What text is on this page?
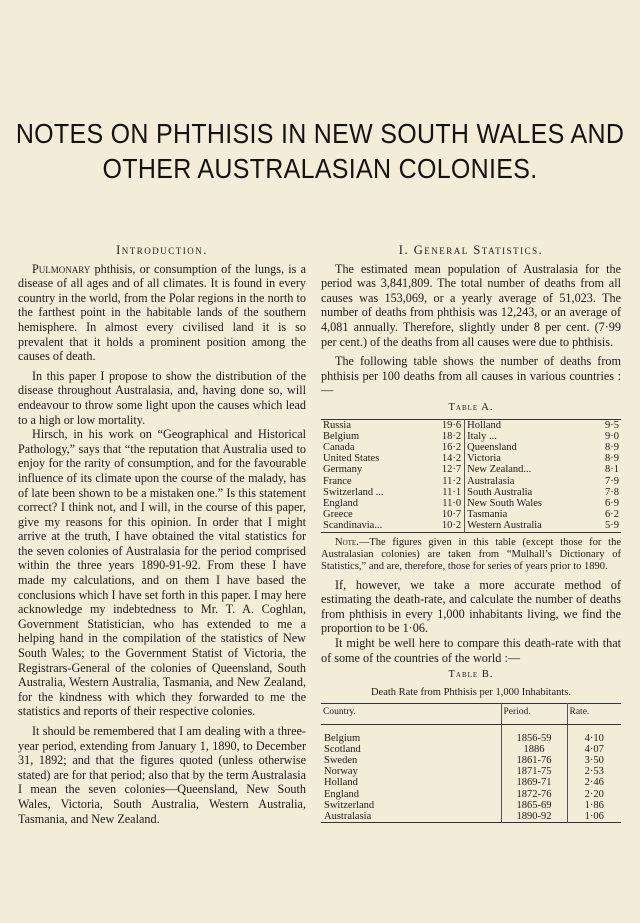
NOTES ON PHTHISIS IN NEW SOUTH WALES AND
OTHER AUSTRALASIAN COLONIES.

Introduction.

Pulmonary phthisis, or consumption of the lungs, is a disease of all ages and of all climates. It is found in every country in the world, from the Polar regions in the north to the farthest point in the habitable lands of the southern hemisphere. In almost every civilised land it is so prevalent that it holds a prominent position among the causes of death.

In this paper I propose to show the distribution of the disease throughout Australasia, and, having done so, will endeavour to throw some light upon the causes which lead to a high or low mortality.

Hirsch, in his work on “Geographical and Historical Pathology,” says that “the reputation that Australia used to enjoy for the rarity of consumption, and for the favourable influence of its climate upon the course of the malady, has of late been shown to be a mistaken one.” Is this statement correct? I think not, and I will, in the course of this paper, give my reasons for this opinion. In order that I might arrive at the truth, I have obtained the vital statistics for the seven colonies of Australasia for the period comprised within the three years 1890-91-92. From these I have made my calculations, and on them I have based the conclusions which I have set forth in this paper. I may here acknowledge my indebtedness to Mr. T. A. Coghlan, Government Statistician, who has extended to me a helping hand in the compilation of the statistics of New South Wales; to the Government Statist of Victoria, the Registrars-General of the colonies of Queensland, South Australia, Western Australia, Tasmania, and New Zealand, for the kindness with which they forwarded to me the statistics and reports of their respective colonies.

It should be remembered that I am dealing with a three-year period, extending from January 1, 1890, to December 31, 1892; and that the figures quoted (unless otherwise stated) are for that period; also that by the term Australasia I mean the seven colonies—Queensland, New South Wales, Victoria, South Australia, Western Australia, Tasmania, and New Zealand.

I. General Statistics.

The estimated mean population of Australasia for the period was 3,841,809. The total number of deaths from all causes was 153,069, or a yearly average of 51,023. The number of deaths from phthisis was 12,243, or an average of 4,081 annually. Therefore, slightly under 8 per cent. (7·99 per cent.) of the deaths from all causes were due to phthisis.

The following table shows the number of deaths from phthisis per 100 deaths from all causes in various countries :—

Table A.

Russia	19·6	Holland	9·5
Belgium	18·2	Italy ...	9·0
Canada	16·2	Queensland	8·9
United States	14·2	Victoria	8·9
Germany	12·7	New Zealand...	8·1
France	11·2	Australasia	7·9
Switzerland ...	11·1	South Australia	7·8
England	11·0	New South Wales	6·9
Greece	10·7	Tasmania	6·2
Scandinavia...	10·2	Western Australia	5·9

Note.—The figures given in this table (except those for the Australasian colonies) are taken from “Mulhall’s Dictionary of Statistics,” and are, therefore, those for series of years prior to 1890.

If, however, we take a more accurate method of estimating the death-rate, and calculate the number of deaths from phthisis in every 1,000 inhabitants living, we find the proportion to be 1·06.

It might be well here to compare this death-rate with that of some of the countries of the world :—

Table B.

Death Rate from Phthisis per 1,000 Inhabitants.

Country.	Period.	Rate.
Belgium	1856-59	4·10
Scotland	1886	4·07
Sweden	1861-76	3·50
Norway	1871-75	2·53
Holland	1869-71	2·46
England	1872-76	2·20
Switzerland	1865-69	1·86
Australasia	1890-92	1·06
